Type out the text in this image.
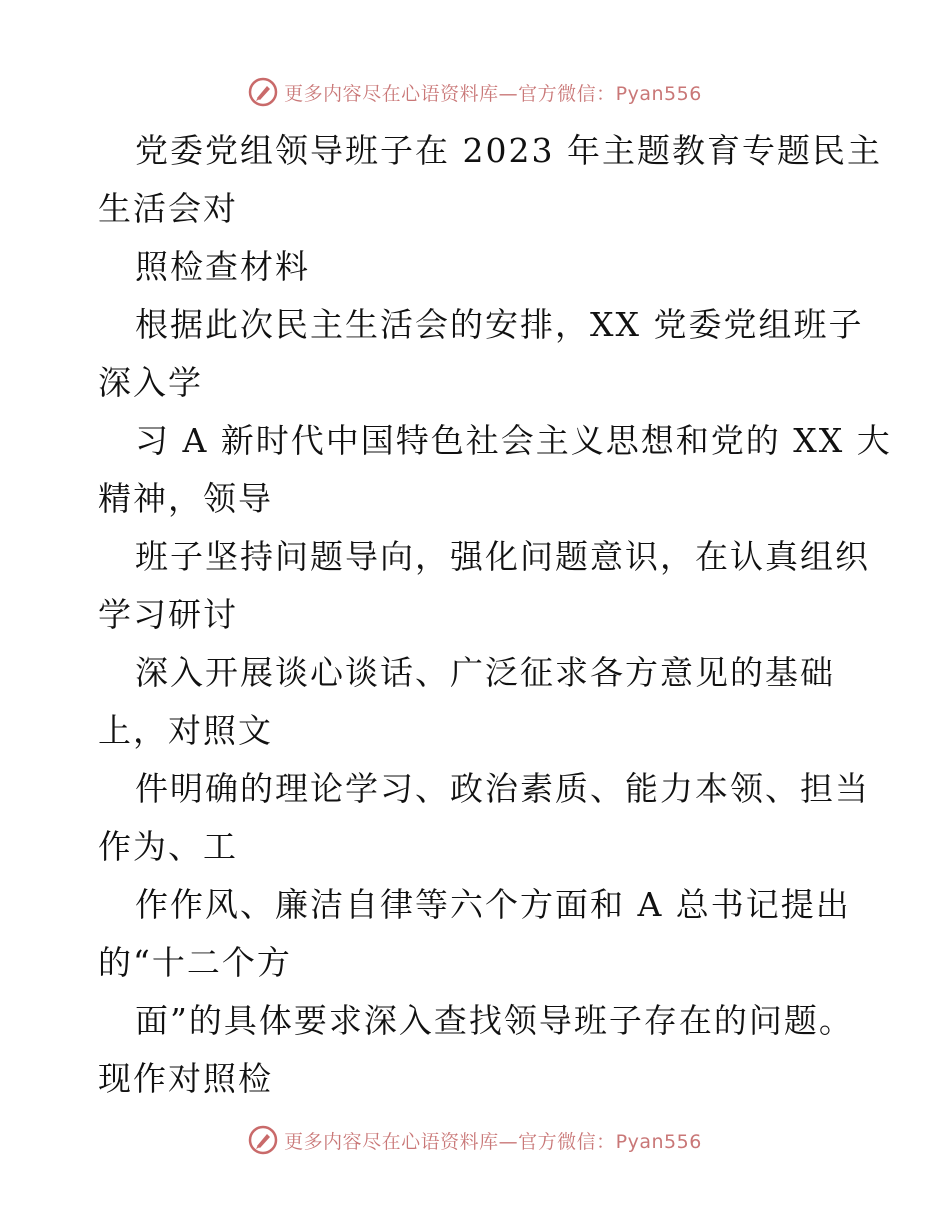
更多内容尽在心语资料库—官方微信：Pyan556
党委党组领导班子在 2023 年主题教育专题民主
生活会对
照检查材料
根据此次民主生活会的安排，XX 党委党组班子
深入学
习 A 新时代中国特色社会主义思想和党的 XX 大
精神，领导
班子坚持问题导向，强化问题意识，在认真组织
学习研讨
深入开展谈心谈话、广泛征求各方意见的基础
上，对照文
件明确的理论学习、政治素质、能力本领、担当
作为、工
作作风、廉洁自律等六个方面和 A 总书记提出
的“十二个方
面”的具体要求深入查找领导班子存在的问题。
现作对照检
更多内容尽在心语资料库—官方微信：Pyan556
